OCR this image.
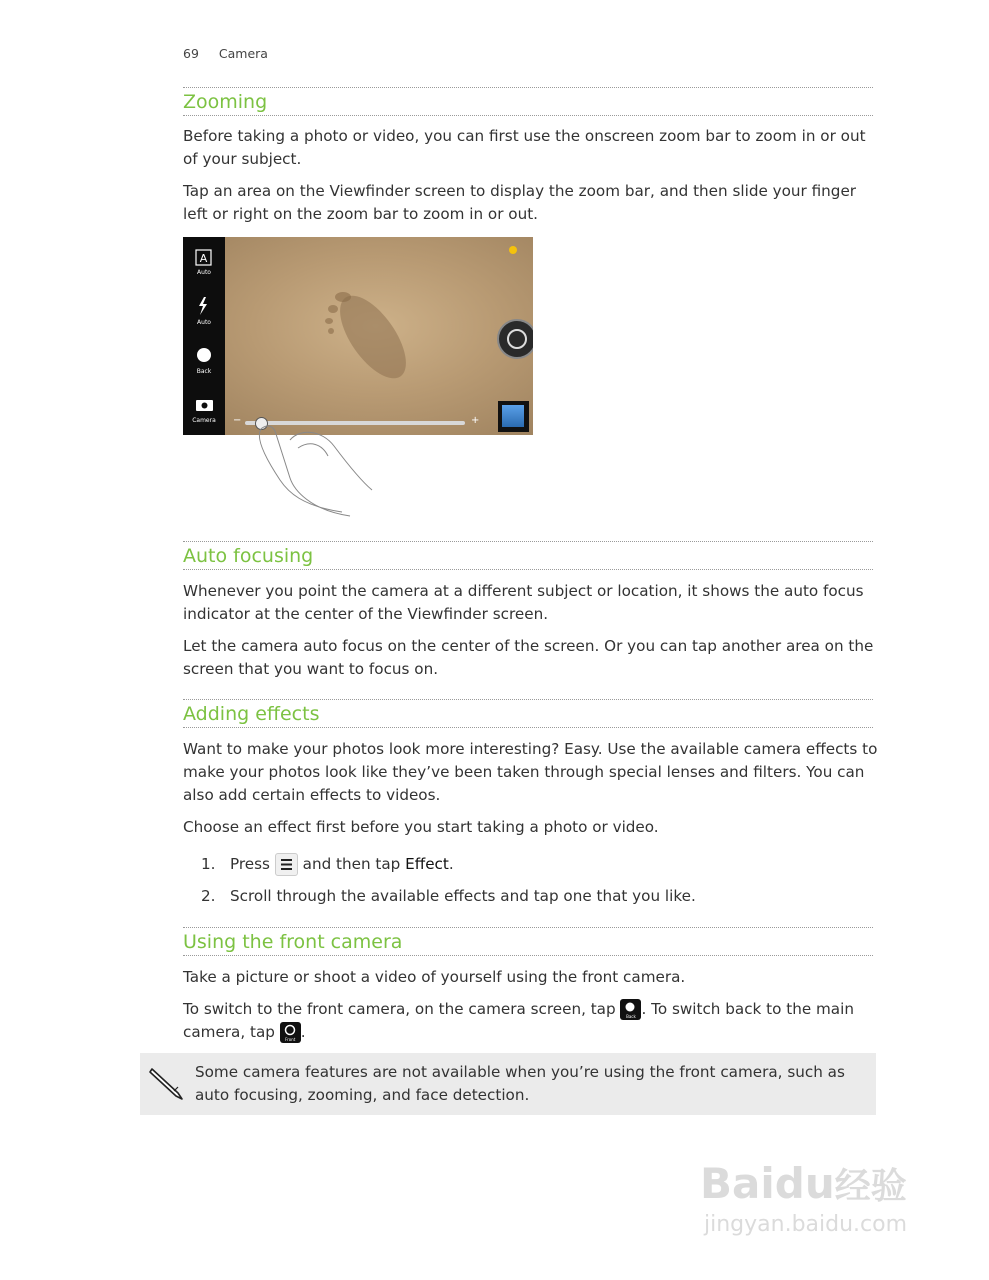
69 Camera
Zooming

Before taking a photo or video, you can first use the onscreen zoom bar to zoom in or out of your subject.

Tap an area on the Viewfinder screen to display the zoom bar, and then slide your finger left or right on the zoom bar to zoom in or out.

A
Auto
Auto
Back
Camera	−	+
Auto focusing

Whenever you point the camera at a different subject or location, it shows the auto focus indicator at the center of the Viewfinder screen.

Let the camera auto focus on the center of the screen. Or you can tap another area on the screen that you want to focus on.

Adding effects

Want to make your photos look more interesting? Easy. Use the available camera effects to make your photos look like they’ve been taken through special lenses and filters. You can also add certain effects to videos.

Choose an effect first before you start taking a photo or video.

1. Press and then tap Effect.
2. Scroll through the available effects and tap one that you like.
Using the front camera

Take a picture or shoot a video of yourself using the front camera.

To switch to the front camera, on the camera screen, tap	Back . To switch back to the main camera, tap	Front .

Some camera features are not available when you’re using the front camera, such as auto focusing, zooming, and face detection.
Baidu经验
jingyan.baidu.com
